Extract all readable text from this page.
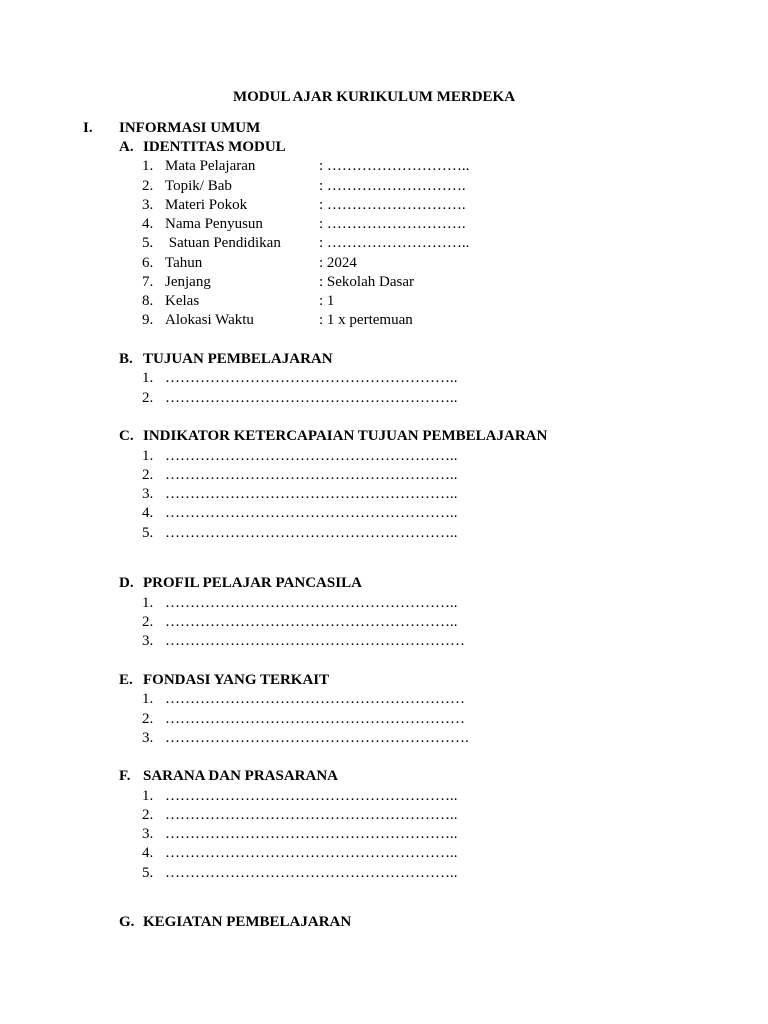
MODUL AJAR KURIKULUM MERDEKA
I. INFORMASI UMUM
A. IDENTITAS MODUL
1. Mata Pelajaran	: ………………………..
2. Topik/ Bab	: ……………………….
3. Materi Pokok	: ……………………….
4. Nama Penyusun	: ……………………….
5. Satuan Pendidikan	: ………………………..
6. Tahun	: 2024
7. Jenjang	: Sekolah Dasar
8. Kelas	: 1
9. Alokasi Waktu	: 1 x pertemuan
B. TUJUAN PEMBELAJARAN
1. …………………………………………………..
2. …………………………………………………..
C. INDIKATOR KETERCAPAIAN TUJUAN PEMBELAJARAN
1. …………………………………………………..
2. …………………………………………………..
3. …………………………………………………..
4. …………………………………………………..
5. …………………………………………………..
D. PROFIL PELAJAR PANCASILA
1. …………………………………………………..
2. …………………………………………………..
3. ……………………………………………………
E. FONDASI YANG TERKAIT
1. ……………………………………………………
2. ……………………………………………………
3. …………………………………………………….
F. SARANA DAN PRASARANA
1. …………………………………………………..
2. …………………………………………………..
3. …………………………………………………..
4. …………………………………………………..
5. …………………………………………………..
G. KEGIATAN PEMBELAJARAN
